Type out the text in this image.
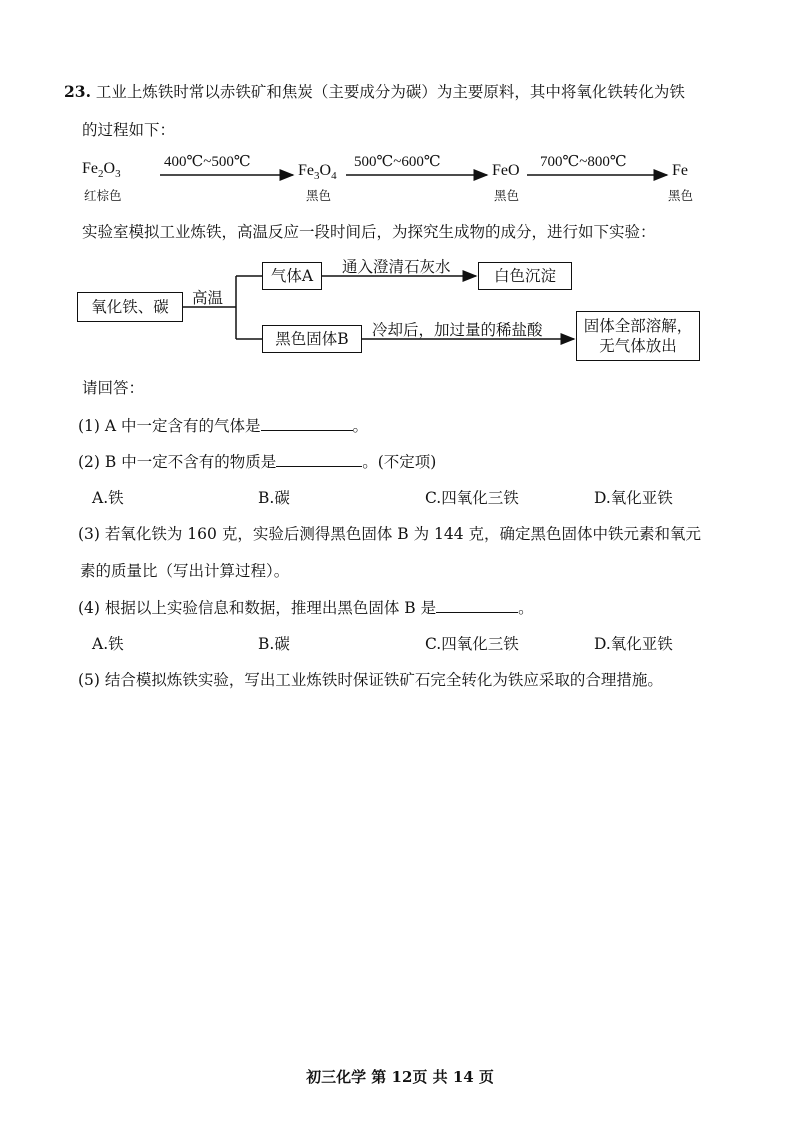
23. 工业上炼铁时常以赤铁矿和焦炭（主要成分为碳）为主要原料，其中将氧化铁转化为铁
的过程如下：
$Fe_2O_3$
红棕色
400℃~500℃	$Fe_3O_4$
黑色
500℃~600℃	FeO
黑色
700℃~800℃	Fe
黑色
实验室模拟工业炼铁，高温反应一段时间后，为探究生成物的成分，进行如下实验：
氧化铁、碳	高温
气体A	通入澄清石灰水	白色沉淀
黑色固体B	冷却后，加过量的稀盐酸	固体全部溶解，
无气体放出
请回答：
(1) A 中一定含有的气体是	。
(2) B 中一定不含有的物质是	。(不定项)
A.铁	B.碳	C.四氧化三铁	D.氧化亚铁
(3) 若氧化铁为 160 克，实验后测得黑色固体 B 为 144 克，确定黑色固体中铁元素和氧元
素的质量比（写出计算过程）。
(4) 根据以上实验信息和数据，推理出黑色固体 B 是	。
A.铁	B.碳	C.四氧化三铁	D.氧化亚铁
(5) 结合模拟炼铁实验，写出工业炼铁时保证铁矿石完全转化为铁应采取的合理措施。
初三化学 第 12页 共 14 页
